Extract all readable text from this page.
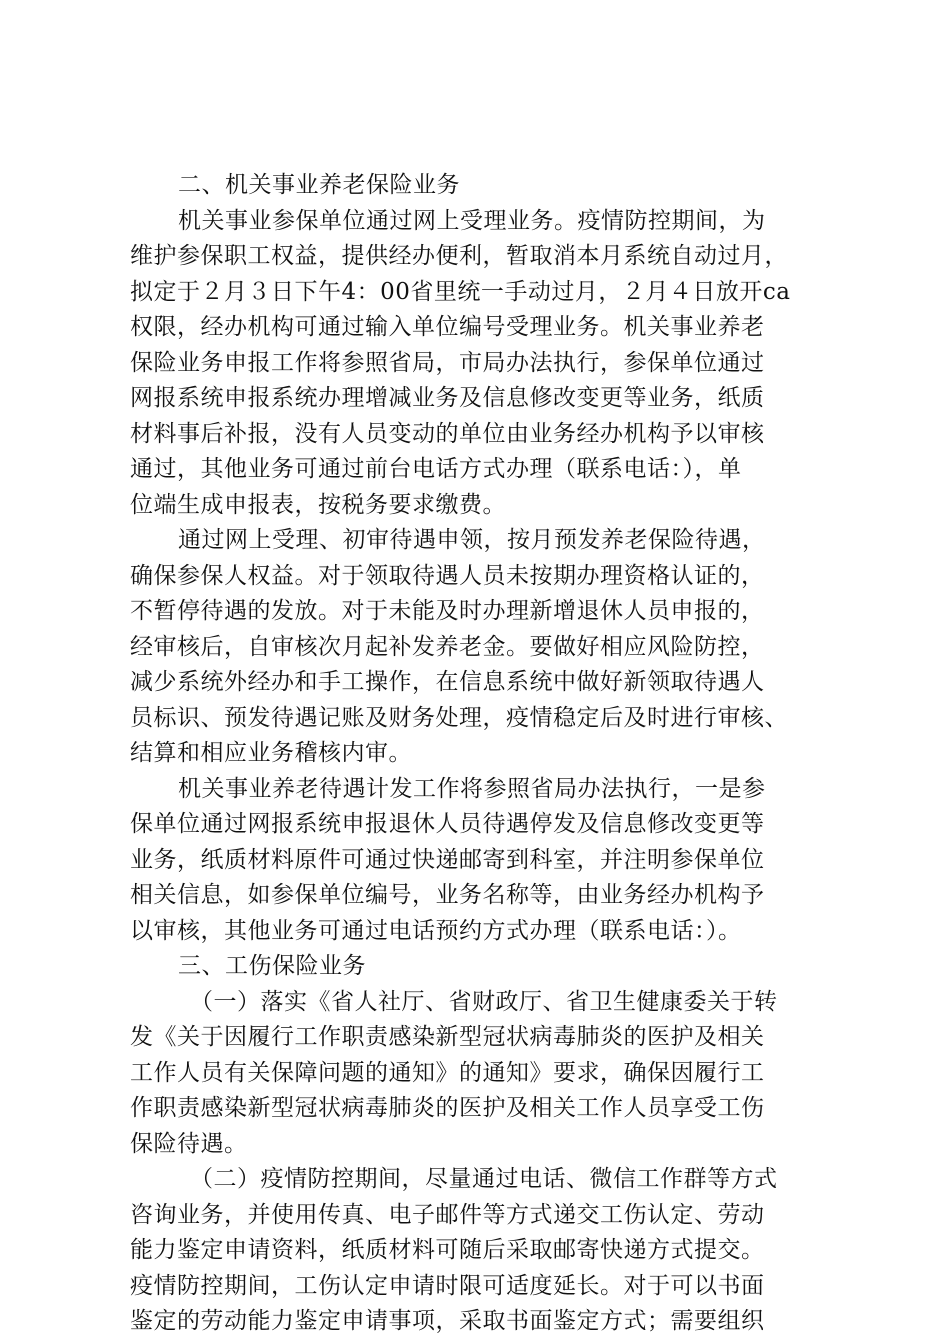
二、机关事业养老保险业务
机关事业参保单位通过网上受理业务。疫情防控期间，为
维护参保职工权益，提供经办便利，暂取消本月系统自动过月，
拟定于２月３日下午4：00省里统一手动过月，２月４日放开ca
权限，经办机构可通过输入单位编号受理业务。机关事业养老
保险业务申报工作将参照省局，市局办法执行，参保单位通过
网报系统申报系统办理增减业务及信息修改变更等业务，纸质
材料事后补报，没有人员变动的单位由业务经办机构予以审核
通过，其他业务可通过前台电话方式办理（联系电话：），单
位端生成申报表，按税务要求缴费。
通过网上受理、初审待遇申领，按月预发养老保险待遇，
确保参保人权益。对于领取待遇人员未按期办理资格认证的，
不暂停待遇的发放。对于未能及时办理新增退休人员申报的，
经审核后，自审核次月起补发养老金。要做好相应风险防控，
减少系统外经办和手工操作，在信息系统中做好新领取待遇人
员标识、预发待遇记账及财务处理，疫情稳定后及时进行审核、
结算和相应业务稽核内审。
机关事业养老待遇计发工作将参照省局办法执行，一是参
保单位通过网报系统申报退休人员待遇停发及信息修改变更等
业务，纸质材料原件可通过快递邮寄到科室，并注明参保单位
相关信息，如参保单位编号，业务名称等，由业务经办机构予
以审核，其他业务可通过电话预约方式办理（联系电话：）。
三、工伤保险业务
（一）落实《省人社厅、省财政厅、省卫生健康委关于转
发《关于因履行工作职责感染新型冠状病毒肺炎的医护及相关
工作人员有关保障问题的通知》的通知》要求，确保因履行工
作职责感染新型冠状病毒肺炎的医护及相关工作人员享受工伤
保险待遇。
（二）疫情防控期间，尽量通过电话、微信工作群等方式
咨询业务，并使用传真、电子邮件等方式递交工伤认定、劳动
能力鉴定申请资料，纸质材料可随后采取邮寄快递方式提交。
疫情防控期间，工伤认定申请时限可适度延长。对于可以书面
鉴定的劳动能力鉴定申请事项，采取书面鉴定方式；需要组织
